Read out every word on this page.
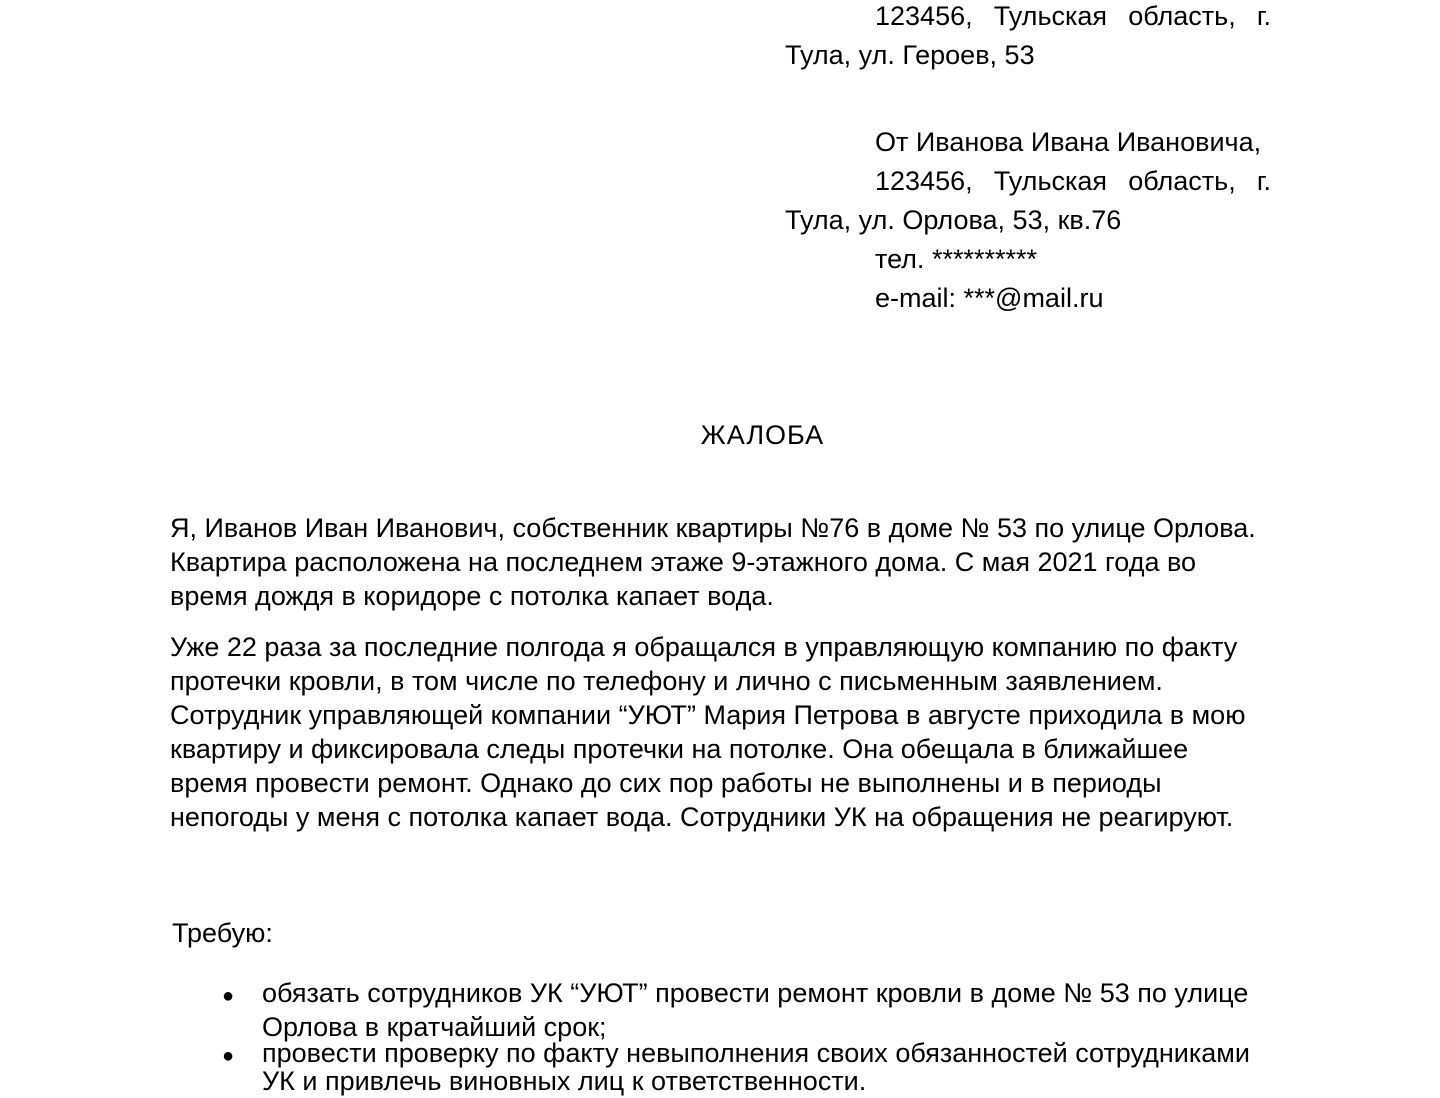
123456, Тульская область, г.
Тула, ул. Героев, 53
От Иванова Ивана Ивановича,
123456, Тульская область, г.
Тула, ул. Орлова, 53, кв.76
тел. **********
e-mail: ***@mail.ru
ЖАЛОБА
Я, Иванов Иван Иванович, собственник квартиры №76 в доме № 53 по улице Орлова.
Квартира расположена на последнем этаже 9-этажного дома. С мая 2021 года во
время дождя в коридоре с потолка капает вода.
Уже 22 раза за последние полгода я обращался в управляющую компанию по факту
протечки кровли, в том числе по телефону и лично с письменным заявлением.
Сотрудник управляющей компании “УЮТ” Мария Петрова в августе приходила в мою
квартиру и фиксировала следы протечки на потолке. Она обещала в ближайшее
время провести ремонт. Однако до сих пор работы не выполнены и в периоды
непогоды у меня с потолка капает вода. Сотрудники УК на обращения не реагируют.
Требую:
● обязать сотрудников УК “УЮТ” провести ремонт кровли в доме № 53 по улице
Орлова в кратчайший срок;
● провести проверку по факту невыполнения своих обязанностей сотрудниками
УК и привлечь виновных лиц к ответственности.
